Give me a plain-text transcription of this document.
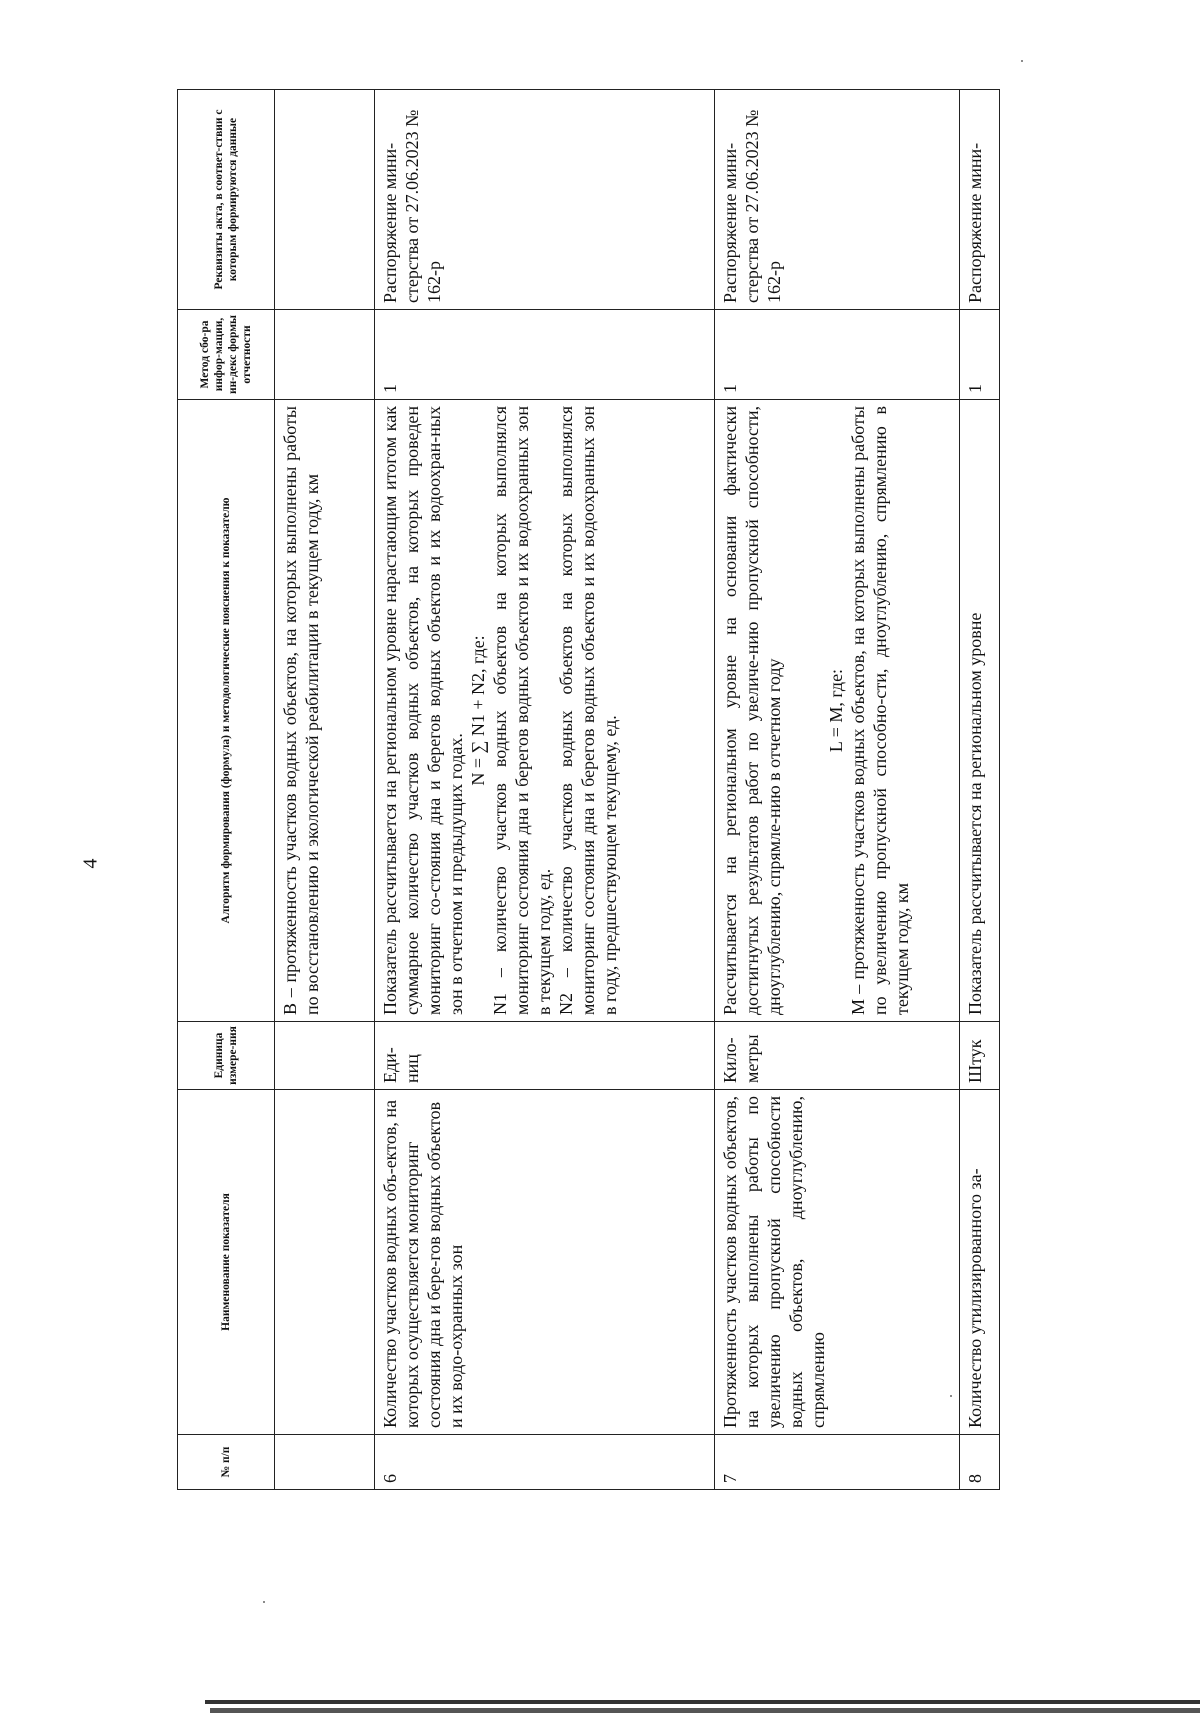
4
№ п/п	Наименование показателя	Единица измере-ния	Алгоритм формирования (формула) и методологические пояснения к показателю	Метод сбо-ра инфор-мации, ин-декс формы отчетности	Реквизиты акта, в соответ-ствии с которым формируются данные

			В – протяженность участков водных объектов, на которых выполнены работы по восстановлению и экологической реабилитации в текущем году, км		

6	Количество участков водных объ-ектов, на которых осуществляется мониторинг состояния дна и бере-гов водных объектов и их водо-охранных зон	Еди-ниц	Показатель рассчитывается на региональном уровне нарастающим итогом как суммарное количество участков водных объектов, на которых проведен мониторинг со-стояния дна и берегов водных объектов и их водоохран-ных зон в отчетном и предыдущих годах.
N = ∑ N1 + N2, где: N1 – количество участков водных объектов на которых выполнялся мониторинг состояния дна и берегов водных объектов и их водоохранных зон в текущем году, ед. N2 – количество участков водных объектов на которых выполнялся мониторинг состояния дна и берегов водных объектов и их водоохранных зон в году, предшествующем текущему, ед.	1	Распоряжение мини-стерства от 27.06.2023 № 162-р
7	Протяженность участков водных объектов, на которых выполнены работы по увеличению пропускной способности водных объектов, дноуглублению, спрямлению	Кило-метры	Рассчитывается на региональном уровне на основании фактически достигнутых результатов работ по увеличе-нию пропускной способности, дноуглублению, спрямле-нию в отчетном году L = M, где: M – протяженность участков водных объектов, на которых выполнены работы по увеличению пропускной способно-сти, дноуглублению, спрямлению в текущем году, км	1	Распоряжение мини-стерства от 27.06.2023 № 162-р
8	Количество утилизированного за-	Штук	Показатель рассчитывается на региональном уровне	1	Распоряжение мини-
